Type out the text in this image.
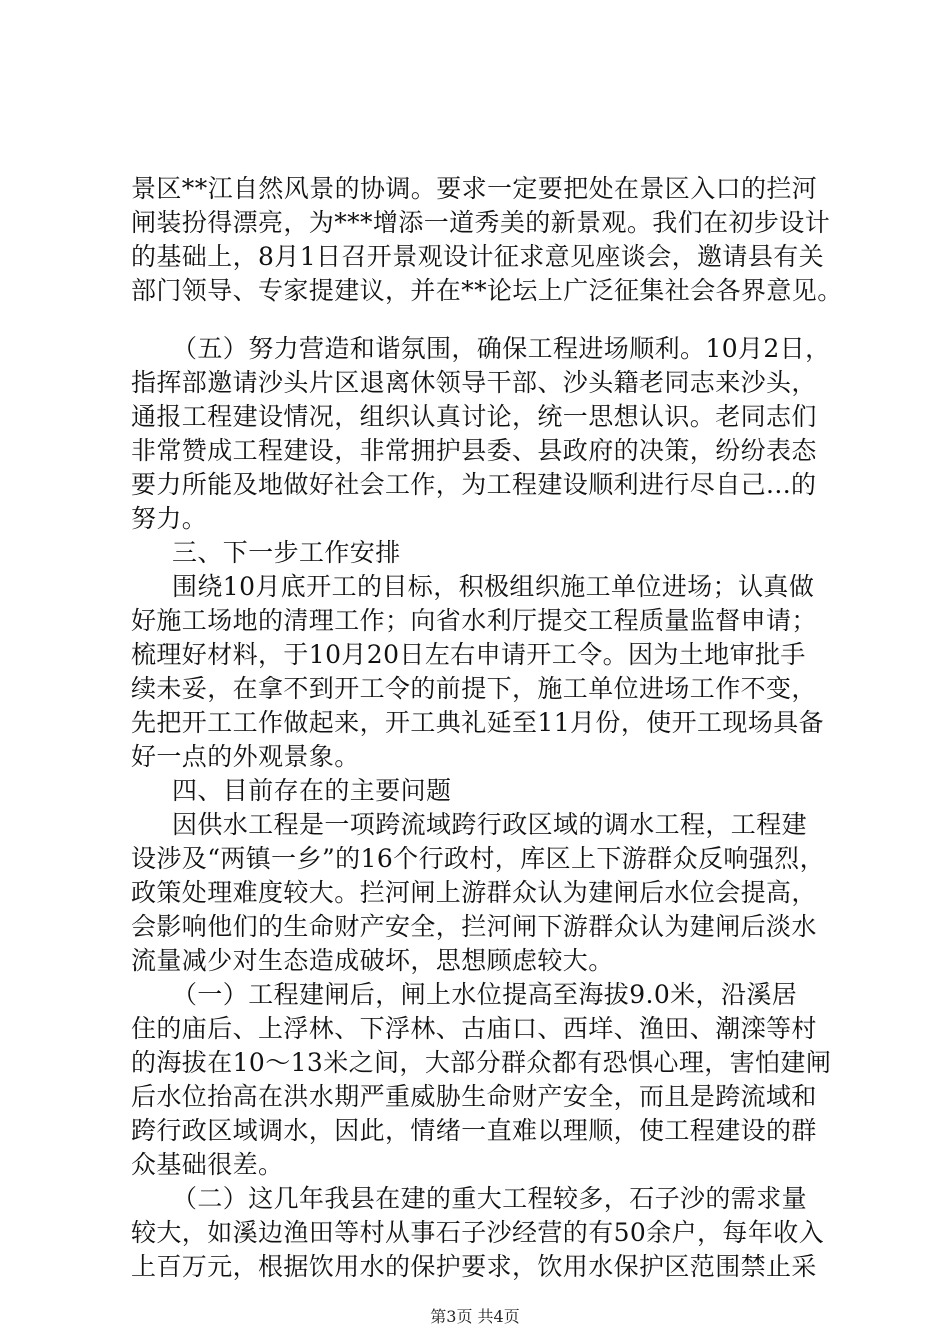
景区**江自然风景的协调。要求一定要把处在景区入口的拦河
闸装扮得漂亮，为***增添一道秀美的新景观。我们在初步设计
的基础上，8月1日召开景观设计征求意见座谈会，邀请县有关
部门领导、专家提建议，并在**论坛上广泛征集社会各界意见。
（五）努力营造和谐氛围，确保工程进场顺利。10月2日，
指挥部邀请沙头片区退离休领导干部、沙头籍老同志来沙头，
通报工程建设情况，组织认真讨论，统一思想认识。老同志们
非常赞成工程建设，非常拥护县委、县政府的决策，纷纷表态
要力所能及地做好社会工作，为工程建设顺利进行尽自己...的
努力。
三、下一步工作安排
围绕10月底开工的目标，积极组织施工单位进场；认真做
好施工场地的清理工作；向省水利厅提交工程质量监督申请；
梳理好材料，于10月20日左右申请开工令。因为土地审批手
续未妥，在拿不到开工令的前提下，施工单位进场工作不变，
先把开工工作做起来，开工典礼延至11月份，使开工现场具备
好一点的外观景象。
四、目前存在的主要问题
因供水工程是一项跨流域跨行政区域的调水工程，工程建
设涉及“两镇一乡”的16个行政村，库区上下游群众反响强烈，
政策处理难度较大。拦河闸上游群众认为建闸后水位会提高，
会影响他们的生命财产安全，拦河闸下游群众认为建闸后淡水
流量减少对生态造成破坏，思想顾虑较大。
（一）工程建闸后，闸上水位提高至海拔9.0米，沿溪居
住的庙后、上浮林、下浮林、古庙口、西垟、渔田、潮滦等村
的海拔在10～13米之间，大部分群众都有恐惧心理，害怕建闸
后水位抬高在洪水期严重威胁生命财产安全，而且是跨流域和
跨行政区域调水，因此，情绪一直难以理顺，使工程建设的群
众基础很差。
（二）这几年我县在建的重大工程较多，石子沙的需求量
较大，如溪边渔田等村从事石子沙经营的有50余户，每年收入
上百万元，根据饮用水的保护要求，饮用水保护区范围禁止采
第3页 共4页
